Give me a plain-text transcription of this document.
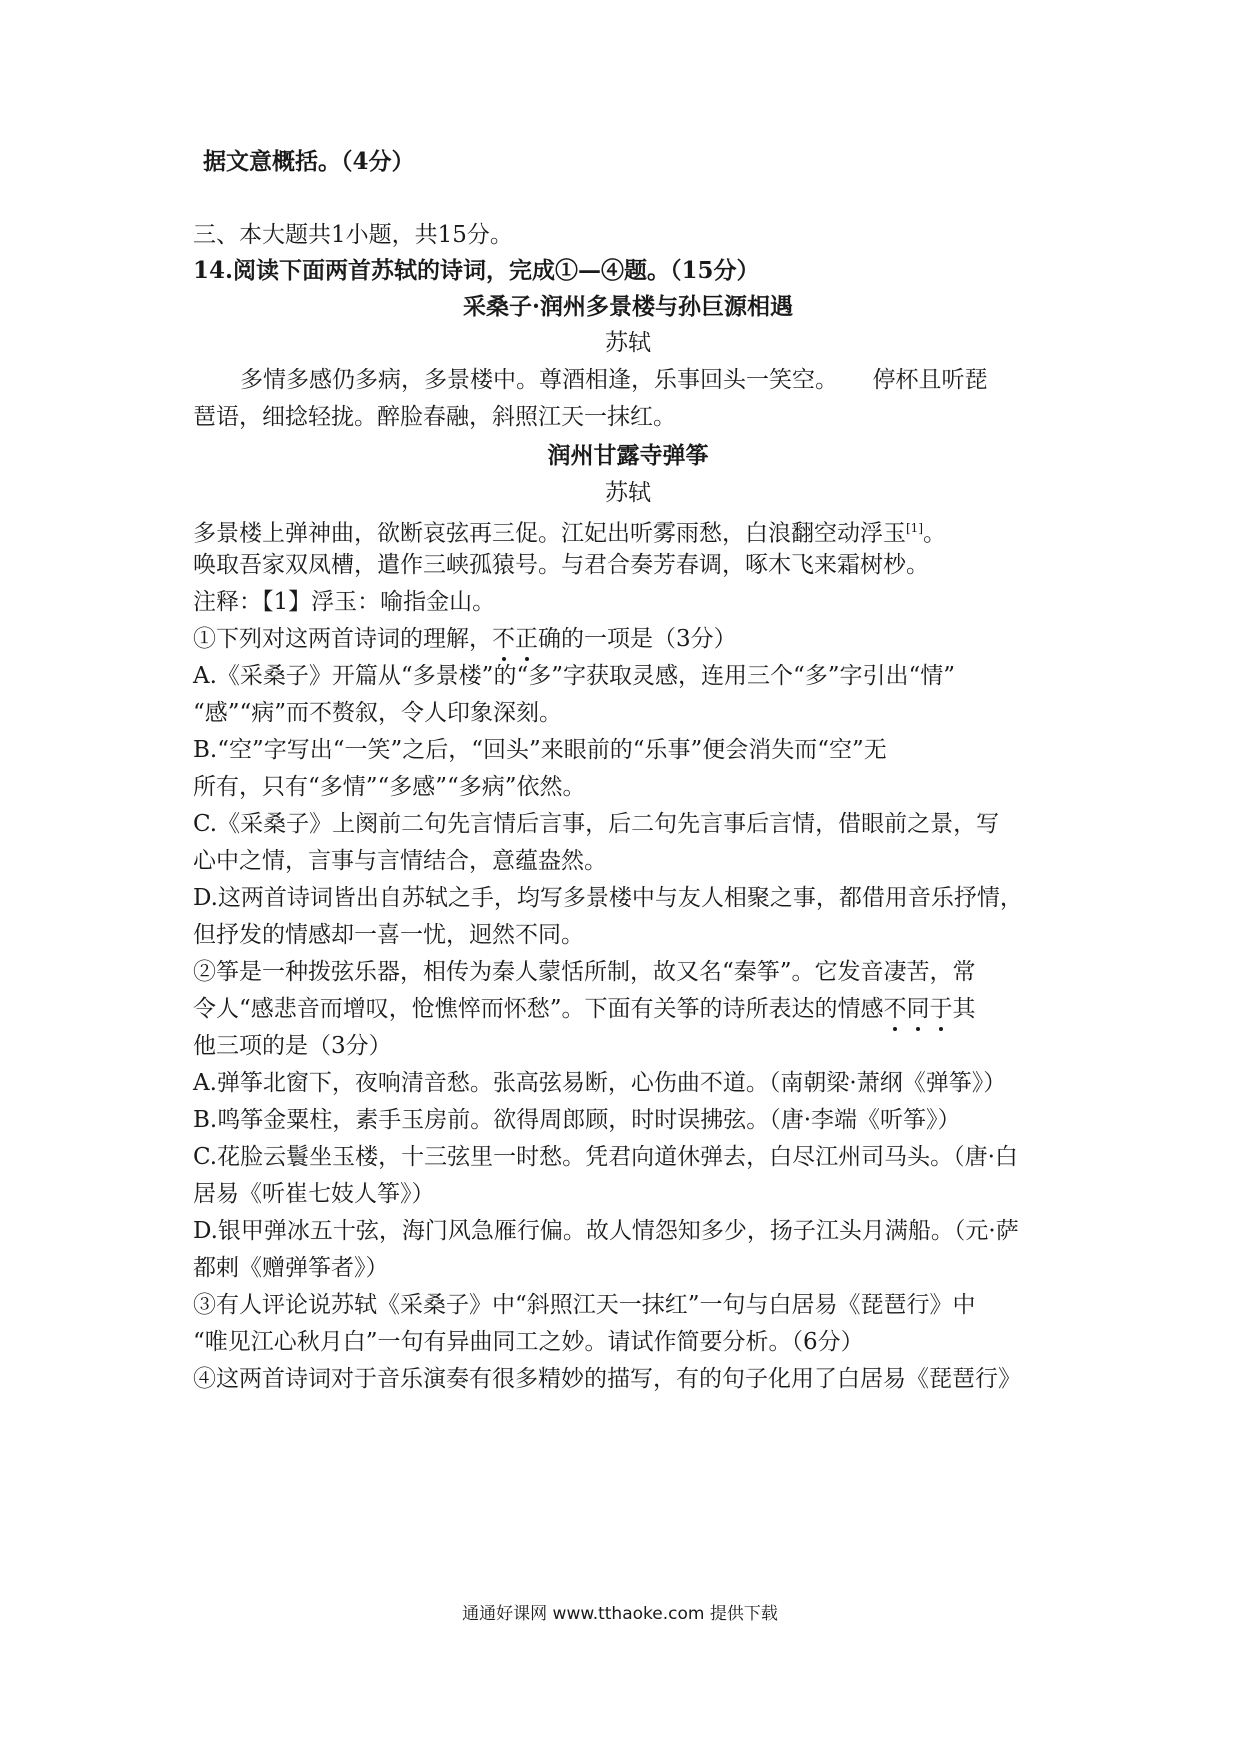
据文意概括。（4分）
三、本大题共1小题，共15分。
14.阅读下面两首苏轼的诗词，完成①—④题。（15分）
采桑子·润州多景楼与孙巨源相遇
苏轼
多情多感仍多病，多景楼中。尊酒相逢，乐事回头一笑空。　　停杯且听琵
琶语，细捻轻拢。醉脸春融，斜照江天一抹红。
润州甘露寺弹筝
苏轼
多景楼上弹神曲，欲断哀弦再三促。江妃出听雾雨愁，白浪翻空动浮玉[1]。
唤取吾家双凤槽，遣作三峡孤猿号。与君合奏芳春调，啄木飞来霜树杪。
注释：【1】浮玉：喻指金山。
①下列对这两首诗词的理解，不正确的一项是（3分）
A.《采桑子》开篇从“多景楼”的“多”字获取灵感，连用三个“多”字引出“情”
“感”“病”而不赘叙，令人印象深刻。
B.“空”字写出“一笑”之后，“回头”来眼前的“乐事”便会消失而“空”无
所有，只有“多情”“多感”“多病”依然。
C.《采桑子》上阕前二句先言情后言事，后二句先言事后言情，借眼前之景，写
心中之情，言事与言情结合，意蕴盎然。
D.这两首诗词皆出自苏轼之手，均写多景楼中与友人相聚之事，都借用音乐抒情，
但抒发的情感却一喜一忧，迥然不同。
②筝是一种拨弦乐器，相传为秦人蒙恬所制，故又名“秦筝”。它发音凄苦，常
令人“感悲音而增叹，怆憔悴而怀愁”。下面有关筝的诗所表达的情感不同于其
他三项的是（3分）
A.弹筝北窗下，夜响清音愁。张高弦易断，心伤曲不道。（南朝梁·萧纲《弹筝》）
B.鸣筝金粟柱，素手玉房前。欲得周郎顾，时时误拂弦。（唐·李端《听筝》）
C.花脸云鬟坐玉楼，十三弦里一时愁。凭君向道休弹去，白尽江州司马头。（唐·白
居易《听崔七妓人筝》）
D.银甲弹冰五十弦，海门风急雁行偏。故人情怨知多少，扬子江头月满船。（元·萨
都剌《赠弹筝者》）
③有人评论说苏轼《采桑子》中“斜照江天一抹红”一句与白居易《琵琶行》中
“唯见江心秋月白”一句有异曲同工之妙。请试作简要分析。（6分）
④这两首诗词对于音乐演奏有很多精妙的描写，有的句子化用了白居易《琵琶行》
通通好课网 www.tthaoke.com 提供下载
